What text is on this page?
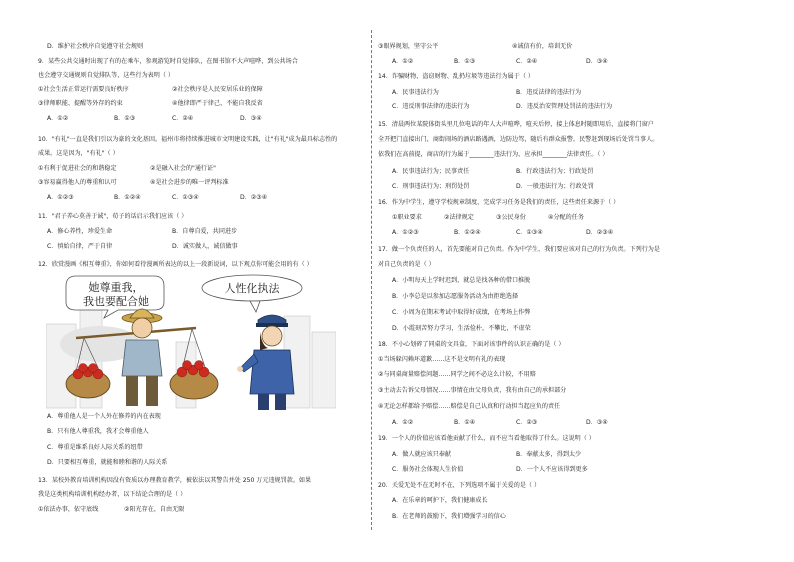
D．维护社会秩序自觉遵守社会规则
9．某些公共交通时出现了有的在乘车，参观游览时自觉排队，在图书馆不大声喧哗，到公共场合
也会遵守交通规则自觉排队等，这些行为表明（ ）
①社会生活正常运行需要良好秩序	②社会秩序是人民安居乐业的保障
③律师职能、提醒等外存的约束	④他律即严于律己，不能自我反省
A．①②	B．①③	C．②④	D．③④
10．"有礼"一直是我们引以为豪的文化基因。福州市将持续推进城市文明建设实践，让"有礼"成为最具标志性的
成果。这是因为，"有礼"（ ）
①有利于促进社会的和谐稳定	②是融入社会的"通行证"
③容易赢得他人的尊重和认可	④是社会进步的唯一评判标准
A．①②③	B．①②④	C．①③④	D．②③④
11．"君子养心莫善于诚"，荀子的话启示我们应该（ ）
A．修心养性，珍爱生命	B．自尊自爱，共同进步
C．慎始自律，严于自律	D．诚实做人，诚信做事
12．欣赏漫画《相互尊重》，你如何看待漫画所表达的以上一段新说词，以下观点你可能会用的有（ ）
她尊重我，
我也要配合她
人性化执法
A．尊重他人是一个人外在修养的内在表现
B．只有他人尊重我，我才会尊重他人
C．尊重是维系良好人际关系的纽带
D．只要相互尊重，就能和睦和谐的人际关系
13．某校外教育培训机构因没有资质以办理教育教学，被依法以其警告并处 250 万元违规罚款。如果
我是这类机构培训机构经办者，以下结论合理的是（ ）
①依法办事，依守底线	②阳光存在，自由无限
③眼界规划，坚守公平	④诚信有价，培训无价
A．①②	B．①③	C．②④	D．③④
14．诈骗财物、盗窃财物、乱扔垃圾等违法行为属于（ ）
A．民事违法行为	B．违反法律的违法行为
C．违反刑事法律的违法行为	D．违反治安管理处罚法的违法行为
15．清晨两位某院体街头里几位电话的年人大声喧哗，喧天后停，接上体息时随即用后，直接将门窗户
全开把门直接出门，商街闹场的酒店路遇酒，边防边驾，随后有群众报警，民警赶到现场后处罚当事人。
依我们在高前提，商店的行为属于________违法行为，应承担________法律责任。（ ）
A．民事违法行为；民事责任	B．行政违法行为；行政处罚
C．刑事违法行为；刑罚处罚	D．一般违法行为；行政处罚
16．作为中学生，遵守学校规章制度，完成学习任务是我们的责任，这些责任来源于（ ）
①职业要求	②法律规定	③公民身份	④分配的任务
A．①②③	B．①②④	C．①③④	D．②③④
17．做一个负责任的人，首先要能对自己负责。作为中学生，我们要应该对自己的行为负责。下列行为是
对自己负责的是（ ）
A．小明每天上学时迟到，就总是找各种的借口推脱
B．小李总是以参加志愿服务活动为由拒绝选择
C．小周为在期末考试中取得好成绩，在考场上作弊
D．小霞刻苦努力学习，生活俭朴，不攀比，不虚荣
18．不小心划碎了同桌的文具盒，下面对该事件的认识正确的是（ ）
①当场躲闪赖坏道歉……这不是文明有礼的表现
②与同桌商量赔偿问题……同学之间不必这么计较，不用赔
③主动去告诉父母情况……事情在由父母负责，我有由自己的承担部分
④无论怎样都给予赔偿……赔偿是自己认真和行动担当起应负的责任
A．①②	B．①④	C．②③	D．③④
19．一个人的价值应该看他贡献了什么，而不应当看他取得了什么。这说明（ ）
A．做人就应该只奉献	B．奉献太多，得到太少
C．服务社会体现人生价值	D．一个人不应该得到更多
20．关爱无处不在无时不在，下列选项不属于关爱的是（ ）
A．在乐章的呵护下，我们健康成长
B．在老师的鼓励下，我们增强学习的信心
